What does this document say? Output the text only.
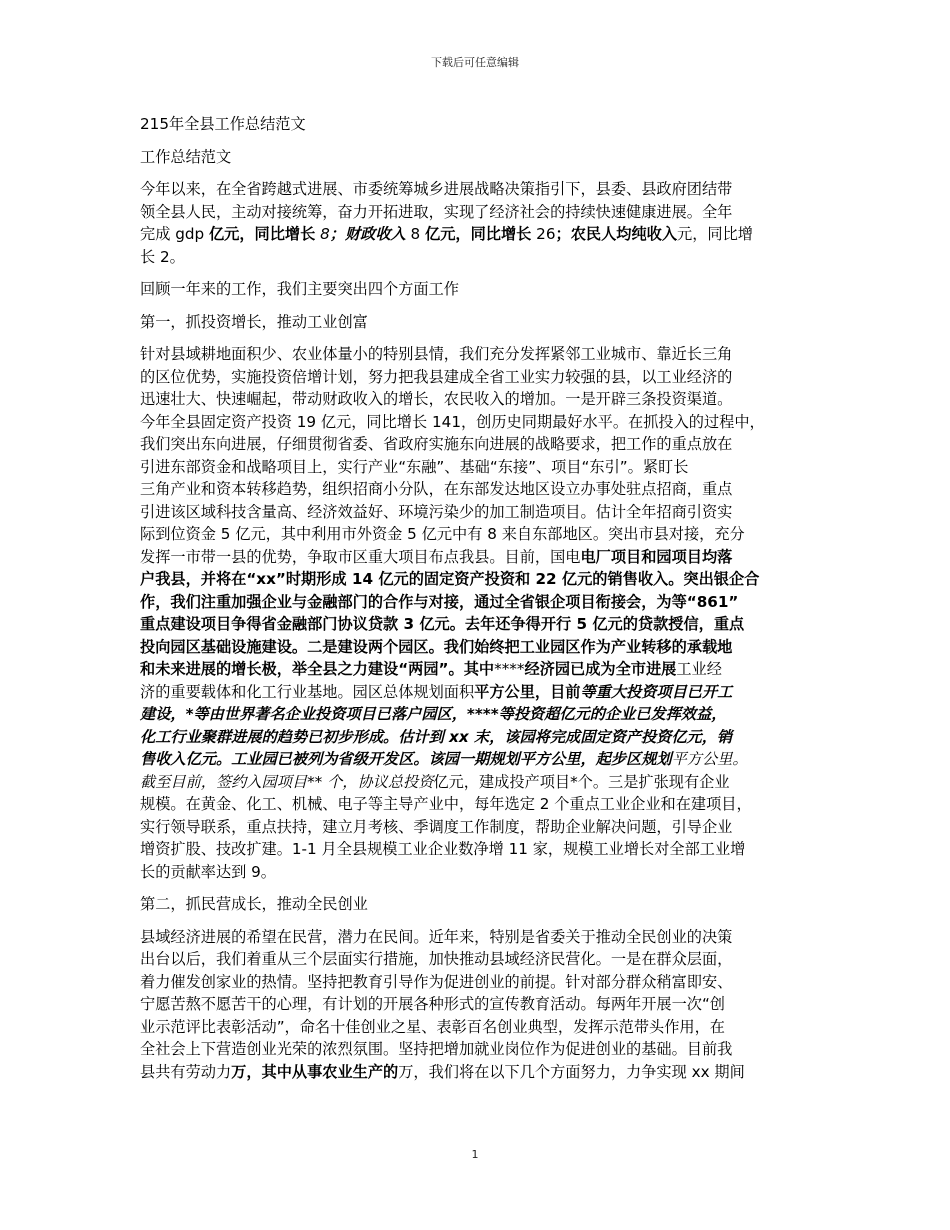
下载后可任意编辑
215年全县工作总结范文
工作总结范文
今年以来，在全省跨越式进展、市委统筹城乡进展战略决策指引下，县委、县政府团结带
领全县人民，主动对接统筹，奋力开拓进取，实现了经济社会的持续快速健康进展。全年
完成 gdp 亿元，同比增长 8；财政收入 8 亿元，同比增长 26；农民人均纯收入元，同比增
长 2。
回顾一年来的工作，我们主要突出四个方面工作
第一，抓投资增长，推动工业创富
针对县域耕地面积少、农业体量小的特别县情，我们充分发挥紧邻工业城市、靠近长三角
的区位优势，实施投资倍增计划，努力把我县建成全省工业实力较强的县，以工业经济的
迅速壮大、快速崛起，带动财政收入的增长，农民收入的增加。一是开辟三条投资渠道。
今年全县固定资产投资 19 亿元，同比增长 141，创历史同期最好水平。在抓投入的过程中，
我们突出东向进展，仔细贯彻省委、省政府实施东向进展的战略要求，把工作的重点放在
引进东部资金和战略项目上，实行产业“东融”、基础“东接”、项目“东引”。紧盯长
三角产业和资本转移趋势，组织招商小分队，在东部发达地区设立办事处驻点招商，重点
引进该区域科技含量高、经济效益好、环境污染少的加工制造项目。估计全年招商引资实
际到位资金 5 亿元，其中利用市外资金 5 亿元中有 8 来自东部地区。突出市县对接，充分
发挥一市带一县的优势，争取市区重大项目布点我县。目前，国电电厂项目和园项目均落
户我县，并将在“xx”时期形成 14 亿元的固定资产投资和 22 亿元的销售收入。突出银企合
作，我们注重加强企业与金融部门的合作与对接，通过全省银企项目衔接会，为等“861”
重点建设项目争得省金融部门协议贷款 3 亿元。去年还争得开行 5 亿元的贷款授信，重点
投向园区基础设施建设。二是建设两个园区。我们始终把工业园区作为产业转移的承载地
和未来进展的增长极，举全县之力建设“两园”。其中****经济园已成为全市进展工业经
济的重要载体和化工行业基地。园区总体规划面积平方公里，目前等重大投资项目已开工
建设，*等由世界著名企业投资项目已落户园区，****等投资超亿元的企业已发挥效益，
化工行业聚群进展的趋势已初步形成。估计到 xx 末，该园将完成固定资产投资亿元，销
售收入亿元。工业园已被列为省级开发区。该园一期规划平方公里，起步区规划平方公里。
截至目前，签约入园项目** 个，协议总投资亿元，建成投产项目*个。三是扩张现有企业
规模。在黄金、化工、机械、电子等主导产业中，每年选定 2 个重点工业企业和在建项目，
实行领导联系，重点扶持，建立月考核、季调度工作制度，帮助企业解决问题，引导企业
增资扩股、技改扩建。1-1 月全县规模工业企业数净增 11 家，规模工业增长对全部工业增
长的贡献率达到 9。
第二，抓民营成长，推动全民创业
县域经济进展的希望在民营，潜力在民间。近年来，特别是省委关于推动全民创业的决策
出台以后，我们着重从三个层面实行措施，加快推动县域经济民营化。一是在群众层面，
着力催发创家业的热情。坚持把教育引导作为促进创业的前提。针对部分群众稍富即安、
宁愿苦熬不愿苦干的心理，有计划的开展各种形式的宣传教育活动。每两年开展一次“创
业示范评比表彰活动”，命名十佳创业之星、表彰百名创业典型，发挥示范带头作用，在
全社会上下营造创业光荣的浓烈氛围。坚持把增加就业岗位作为促进创业的基础。目前我
县共有劳动力万，其中从事农业生产的万，我们将在以下几个方面努力，力争实现 xx 期间
1
